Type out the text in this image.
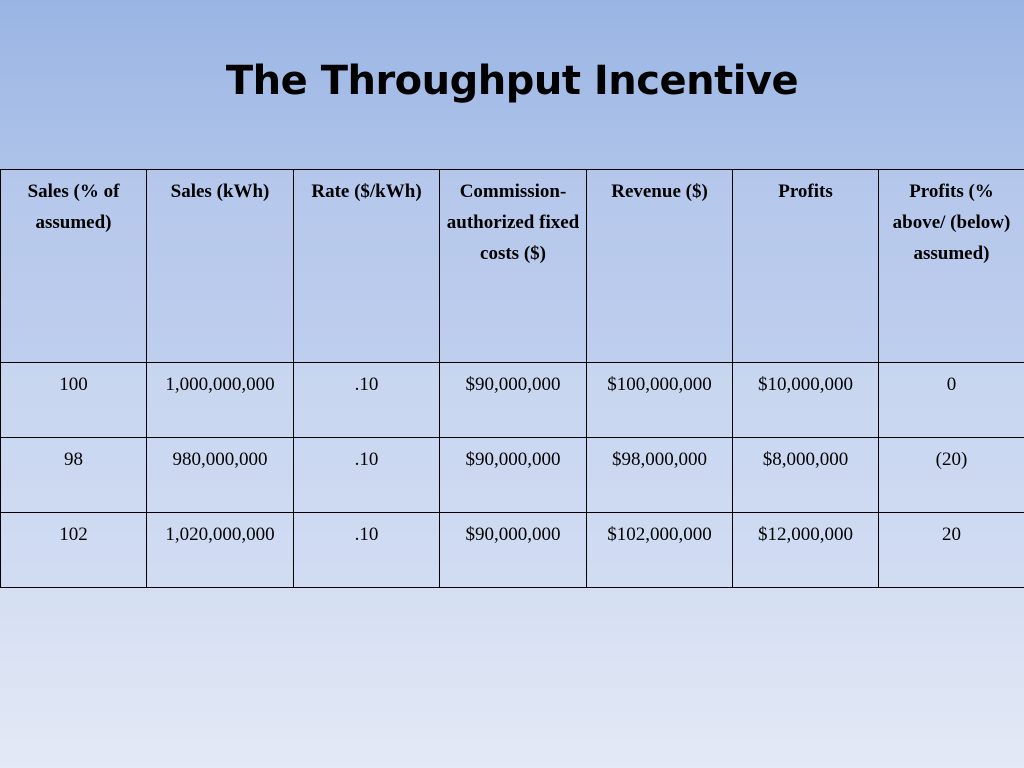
The Throughput Incentive
Sales (% of assumed)	Sales (kWh)	Rate ($/kWh)	Commission-authorized fixed costs ($)	Revenue ($)	Profits	Profits (% above/ (below) assumed)
100	1,000,000,000	.10	$90,000,000	$100,000,000	$10,000,000	0
98	980,000,000	.10	$90,000,000	$98,000,000	$8,000,000	(20)
102	1,020,000,000	.10	$90,000,000	$102,000,000	$12,000,000	20
